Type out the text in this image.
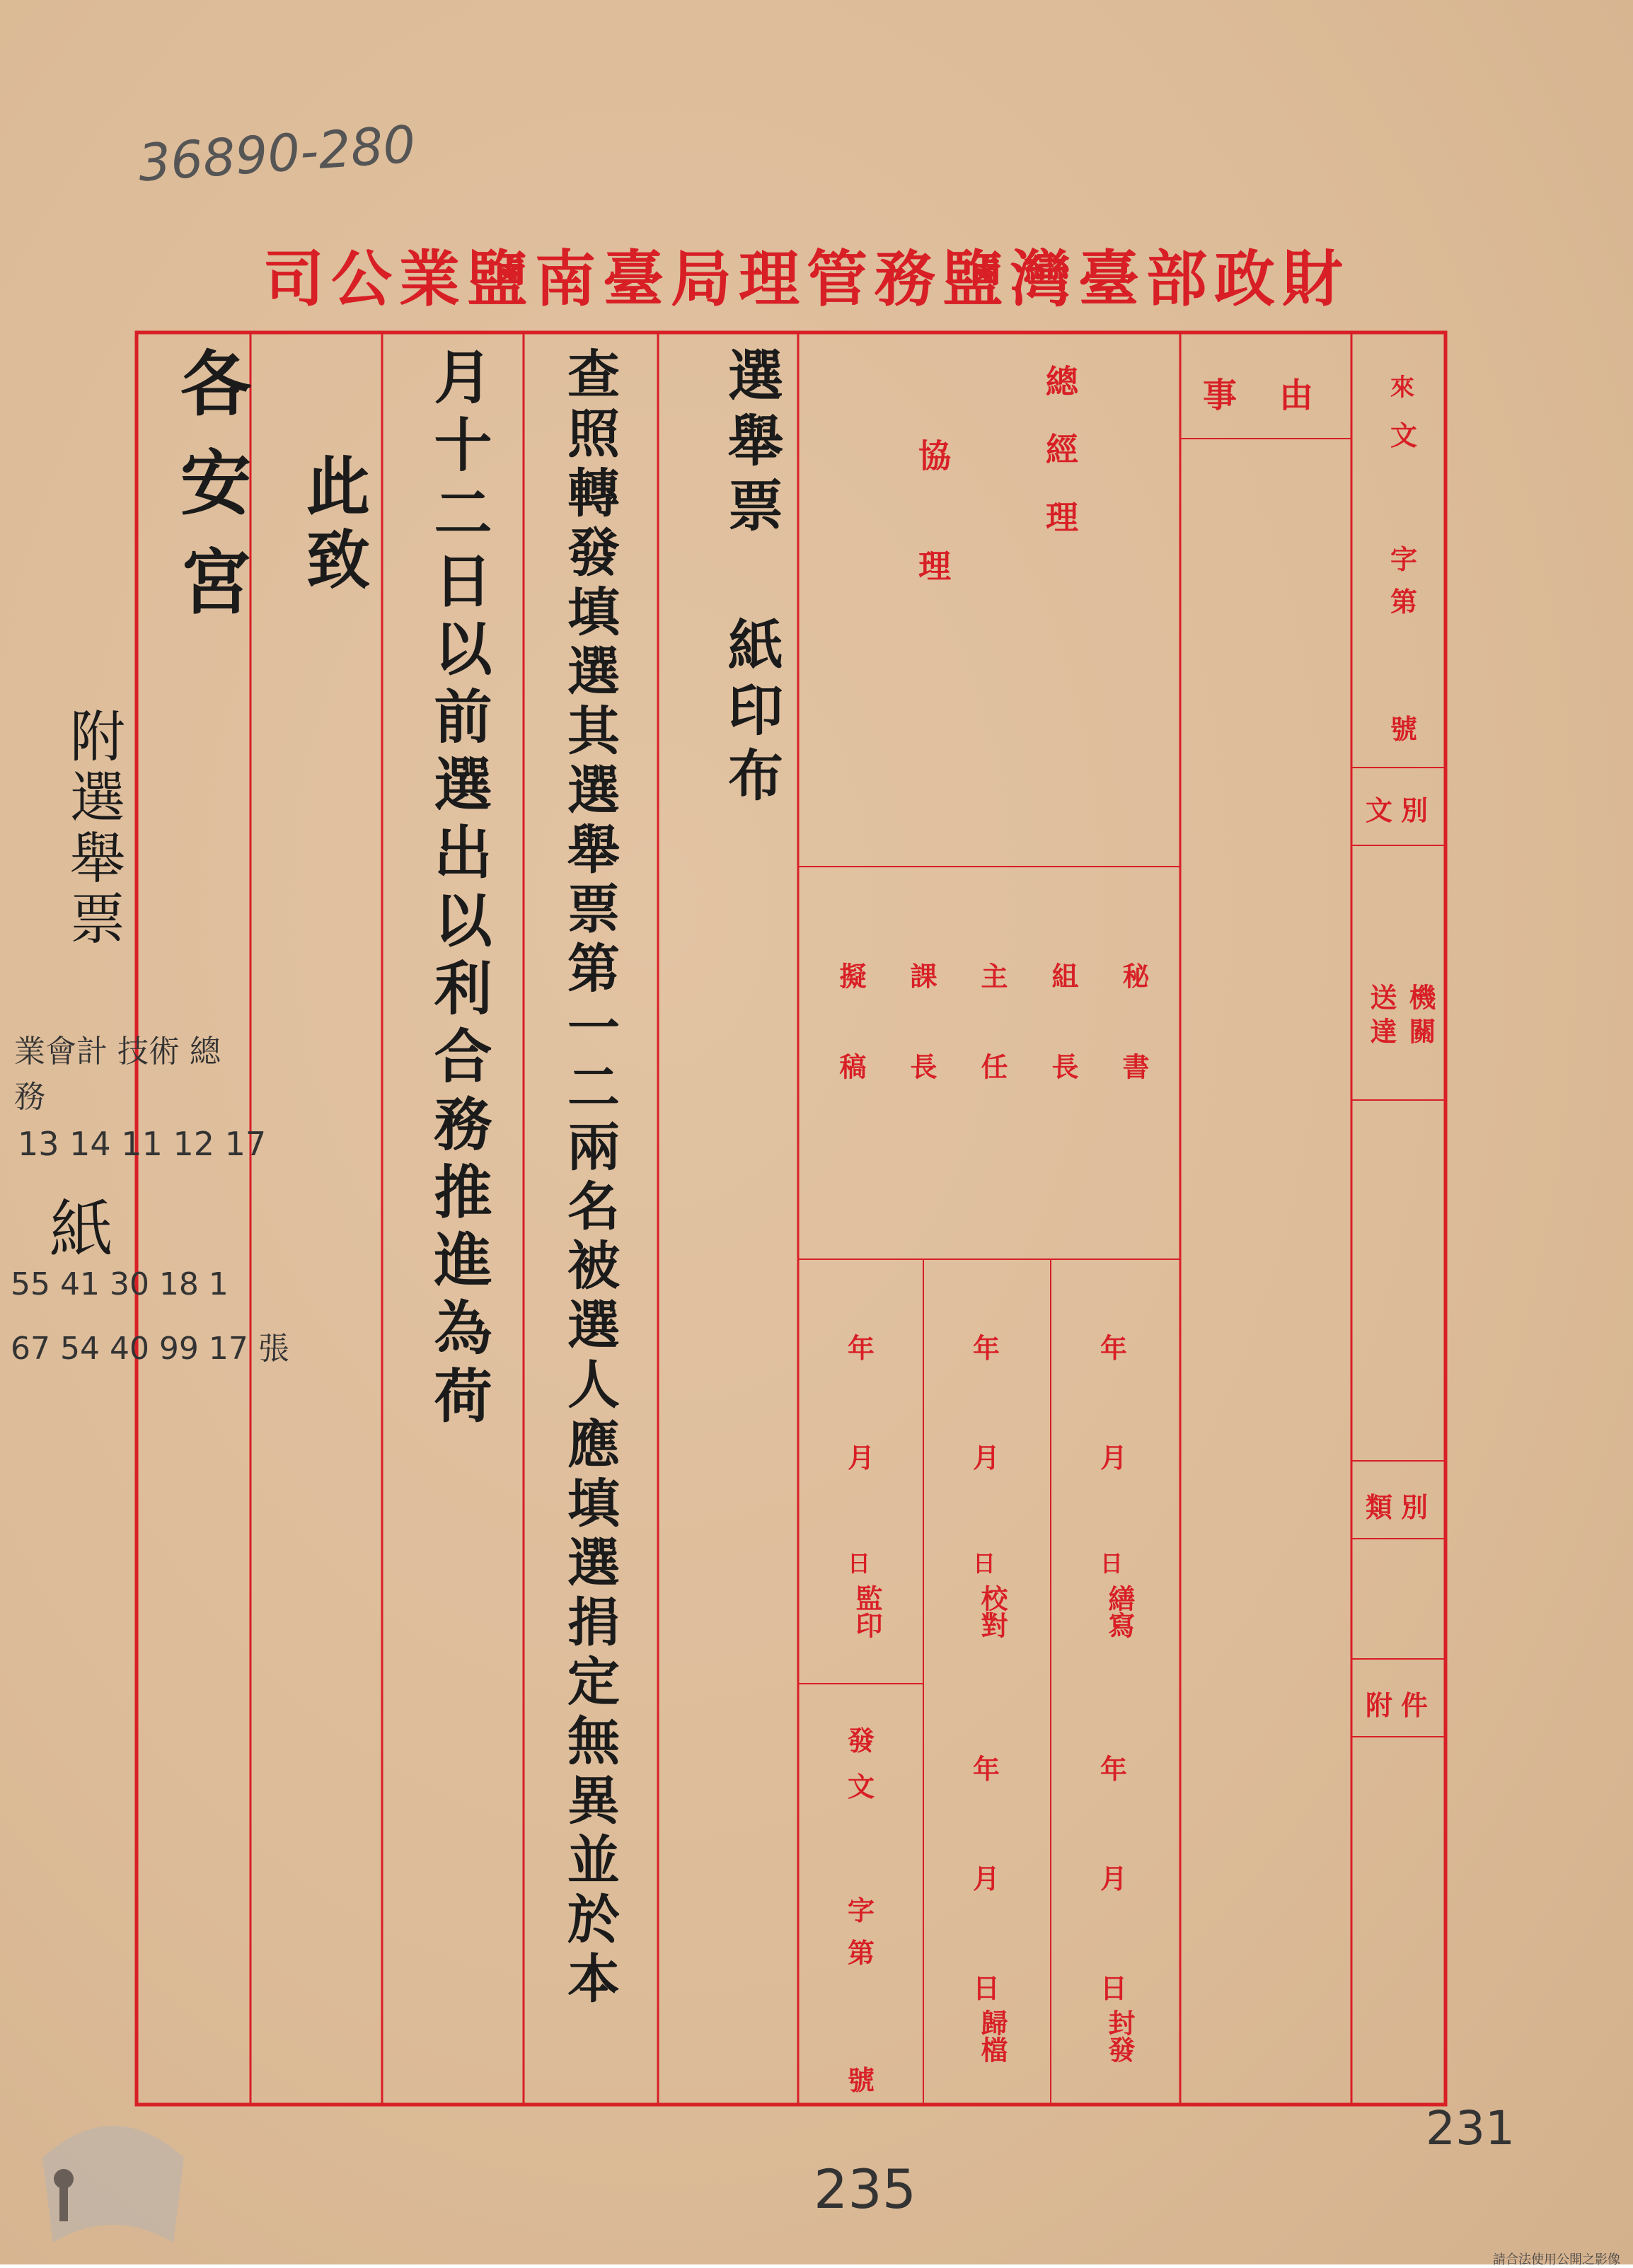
36890-280
司公業鹽南臺局理管務鹽灣臺部政財
事由 來
文
字
第
號
文別
送達機關
類別
附件
總經理
協理
秘書
組長
主任
課長
擬稿
年
月
日
繕寫
年
月
日
封發
年
月
日
校對
年
月
日
歸檔
年
月
日
監印
發
文
字
第
號
選舉票 紙印布
查照轉發填選其選舉票第一二兩名被選人應填選捐定無異並於本
月十二日以前選出以利合務推進為荷
此致
各安宮
附選舉票
業會計 技術 總務
13 14 11 12 17
紙
55 41 30 18 1
67 54 40 99 17 張
235
231
請合法使用公開之影像
